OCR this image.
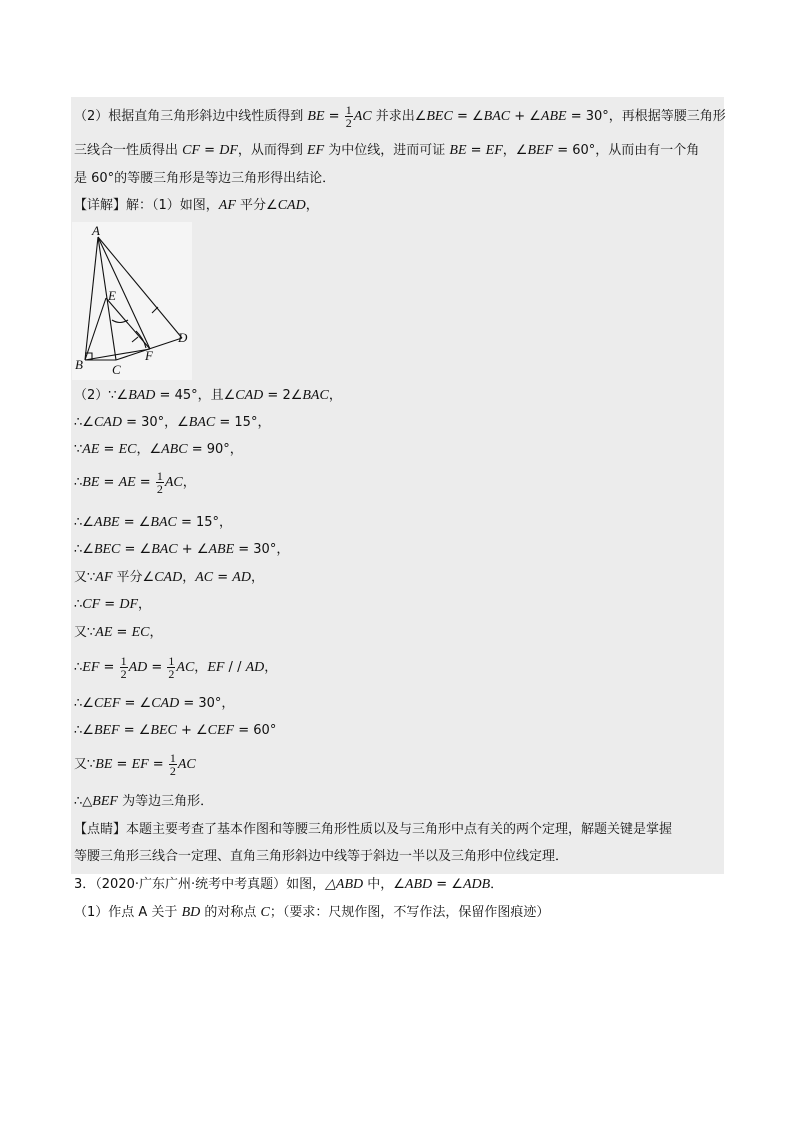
（2）根据直角三角形斜边中线性质得到 BE = $\frac{1}{2}$ AC 并求出∠BEC = ∠BAC + ∠ABE = 30°，再根据等腰三角形
三线合一性质得出 CF = DF，从而得到 EF 为中位线，进而可证 BE = EF，∠BEF = 60°，从而由有一个角
是 60°的等腰三角形是等边三角形得出结论．
【详解】解：（1）如图，AF 平分∠CAD，
A
B C
D
E
F
（2）∵∠BAD = 45°，且∠CAD = 2∠BAC，
∴∠CAD = 30°，∠BAC = 15°，
∵AE = EC，∠ABC = 90°，
∴BE = AE = $\frac{1}{2}$ AC，
∴∠ABE = ∠BAC = 15°，
∴∠BEC = ∠BAC + ∠ABE = 30°，
又∵AF 平分∠CAD，AC = AD，
∴CF = DF，
又∵AE = EC，
∴EF = $\frac{1}{2}$ AD = $\frac{1}{2}$ AC，EF / / AD，
∴∠CEF = ∠CAD = 30°，
∴∠BEF = ∠BEC + ∠CEF = 60°
又∵BE = EF = $\frac{1}{2}$ AC
∴△BEF 为等边三角形．
【点睛】本题主要考查了基本作图和等腰三角形性质以及与三角形中点有关的两个定理，解题关键是掌握
等腰三角形三线合一定理、直角三角形斜边中线等于斜边一半以及三角形中位线定理．
3．（2020·广东广州·统考中考真题）如图，△ABD 中，∠ABD = ∠ADB．
（1）作点 A 关于 BD 的对称点 C；（要求：尺规作图，不写作法，保留作图痕迹）
